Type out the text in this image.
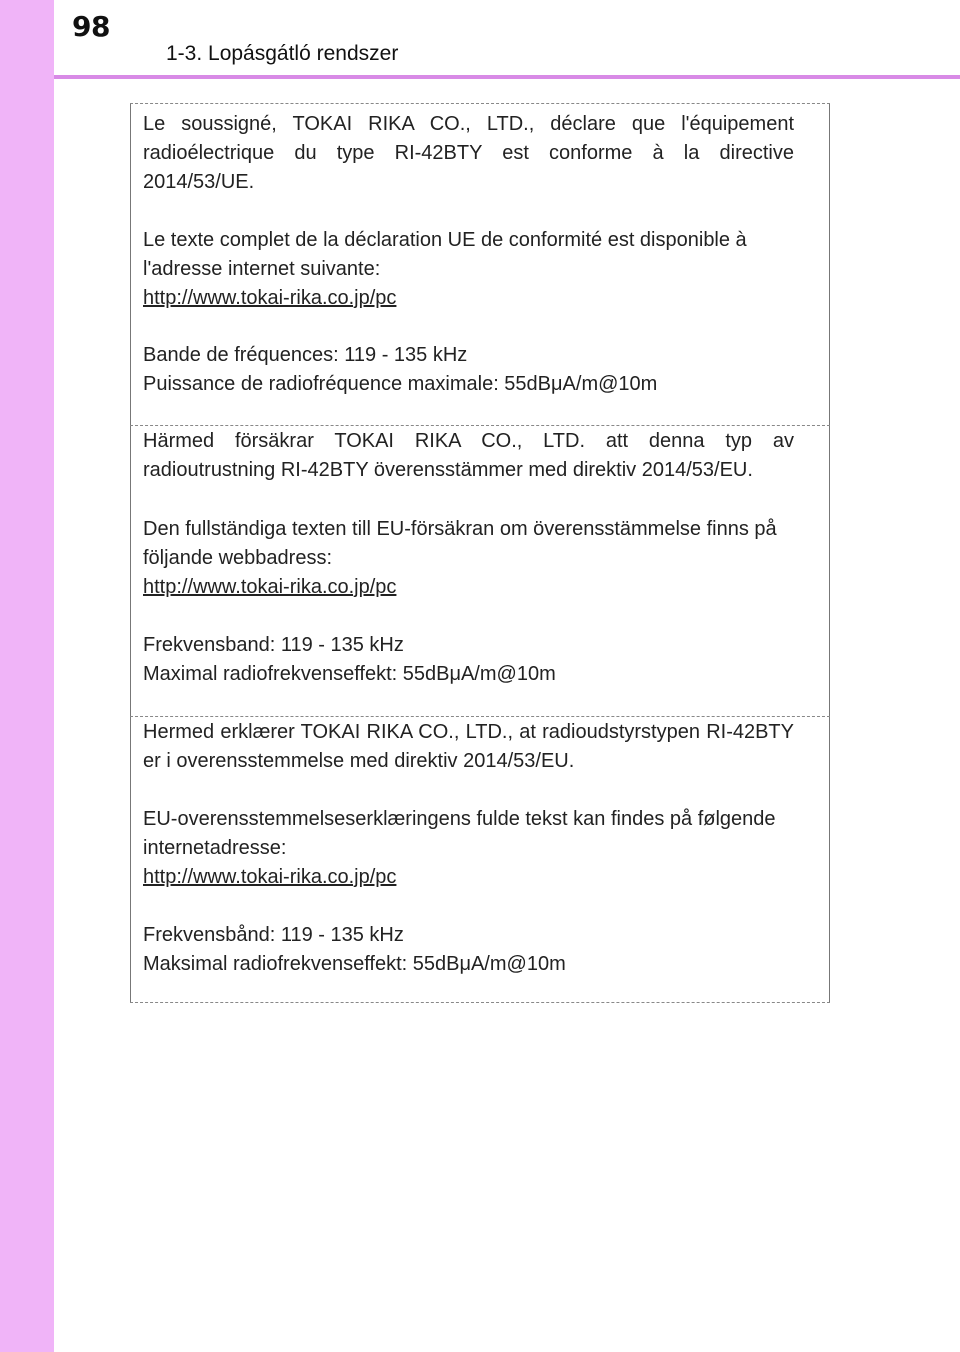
98
1-3. Lopásgátló rendszer

Le soussigné, TOKAI RIKA CO., LTD., déclare que l'équipement radioélectrique du type RI-42BTY est conforme à la directive 2014/53/UE.

Le texte complet de la déclaration UE de conformité est disponible à l'adresse internet suivante:

http://www.tokai-rika.co.jp/pc

Bande de fréquences: 119 - 135 kHz

Puissance de radiofréquence maximale: 55dBμA/m@10m

Härmed försäkrar TOKAI RIKA CO., LTD. att denna typ av radioutrustning RI-42BTY överensstämmer med direktiv 2014/53/EU.

Den fullständiga texten till EU-försäkran om överensstämmelse finns på följande webbadress:

http://www.tokai-rika.co.jp/pc

Frekvensband: 119 - 135 kHz

Maximal radiofrekvenseffekt: 55dBμA/m@10m

Hermed erklærer TOKAI RIKA CO., LTD., at radioudstyrstypen RI-42BTY er i overensstemmelse med direktiv 2014/53/EU.

EU-overensstemmelseserklæringens fulde tekst kan findes på følgende internetadresse:

http://www.tokai-rika.co.jp/pc

Frekvensbånd: 119 - 135 kHz

Maksimal radiofrekvenseffekt: 55dBμA/m@10m
